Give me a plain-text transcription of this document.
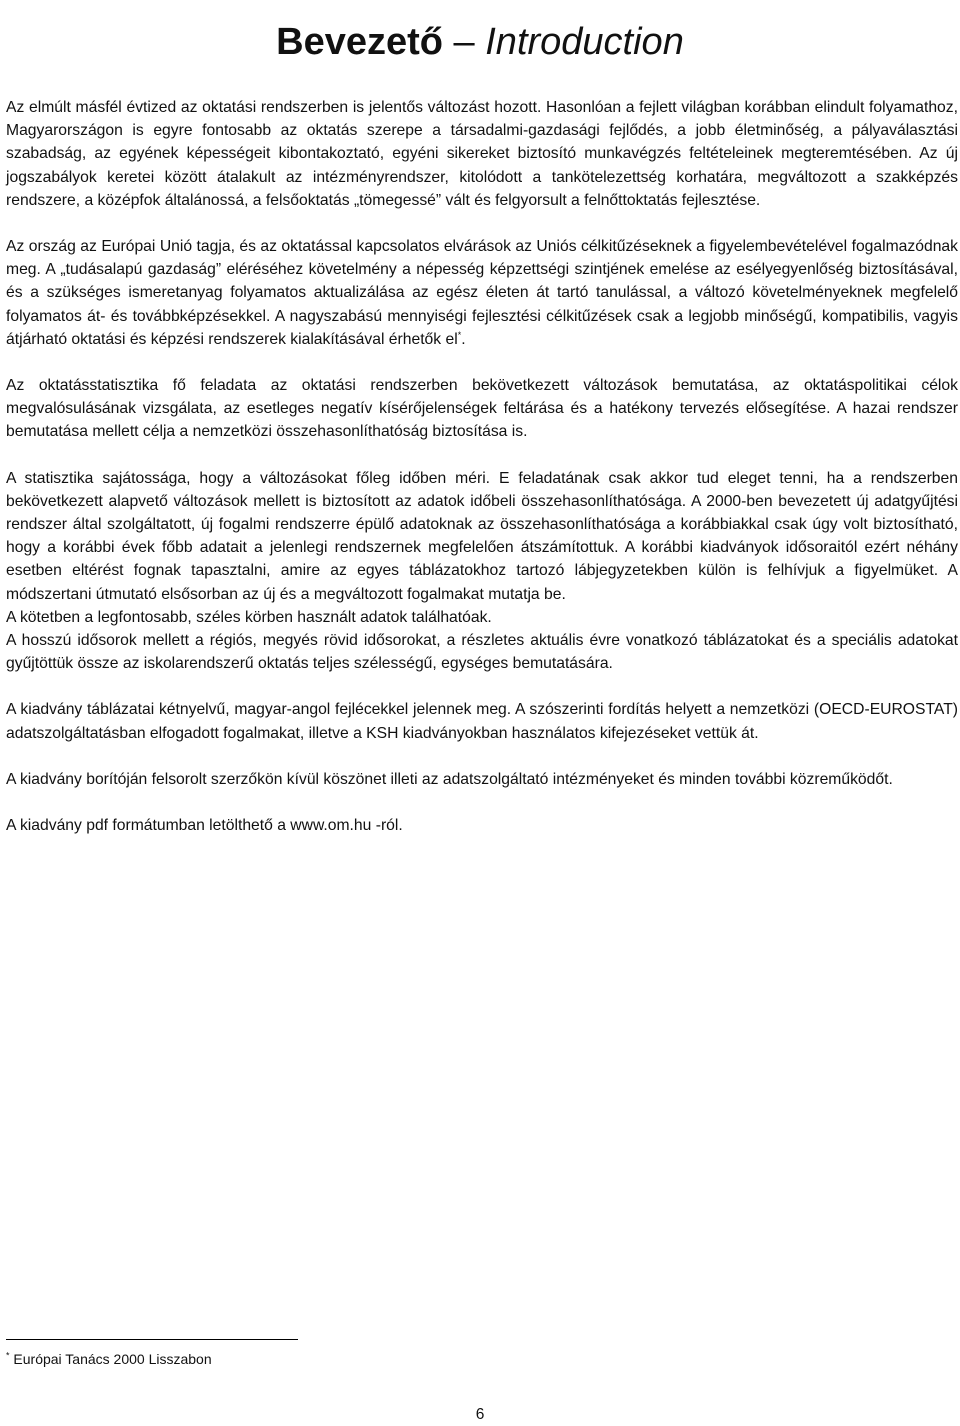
Bevezető – Introduction

Az elmúlt másfél évtized az oktatási rendszerben is jelentős változást hozott. Hasonlóan a fejlett világban korábban elindult folyamathoz, Magyarországon is egyre fontosabb az oktatás szerepe a társadalmi-gazdasági fejlődés, a jobb életminőség, a pályaválasztási szabadság, az egyének képességeit kibontakoztató, egyéni sikereket biztosító munkavégzés feltételeinek megteremtésében. Az új jogszabályok keretei között átalakult az intézményrendszer, kitolódott a tankötelezettség korhatára, megváltozott a szakképzés rendszere, a középfok általánossá, a felsőoktatás „tömegessé” vált és felgyorsult a felnőttoktatás fejlesztése.

Az ország az Európai Unió tagja, és az oktatással kapcsolatos elvárások az Uniós célkitűzéseknek a figyelembevételével fogalmazódnak meg. A „tudásalapú gazdaság” eléréséhez követelmény a népesség képzettségi szintjének emelése az esélyegyenlőség biztosításával, és a szükséges ismeretanyag folyamatos aktualizálása az egész életen át tartó tanulással, a változó követelményeknek megfelelő folyamatos át- és továbbképzésekkel. A nagyszabású mennyiségi fejlesztési célkitűzések csak a legjobb minőségű, kompatibilis, vagyis átjárható oktatási és képzési rendszerek kialakításával érhetők el*.

Az oktatásstatisztika fő feladata az oktatási rendszerben bekövetkezett változások bemutatása, az oktatáspolitikai célok megvalósulásának vizsgálata, az esetleges negatív kísérőjelenségek feltárása és a hatékony tervezés elősegítése. A hazai rendszer bemutatása mellett célja a nemzetközi összehasonlíthatóság biztosítása is.

A statisztika sajátossága, hogy a változásokat főleg időben méri. E feladatának csak akkor tud eleget tenni, ha a rendszerben bekövetkezett alapvető változások mellett is biztosított az adatok időbeli összehasonlíthatósága. A 2000-ben bevezetett új adatgyűjtési rendszer által szolgáltatott, új fogalmi rendszerre épülő adatoknak az összehasonlíthatósága a korábbiakkal csak úgy volt biztosítható, hogy a korábbi évek főbb adatait a jelenlegi rendszernek megfelelően átszámítottuk. A korábbi kiadványok idősoraitól ezért néhány esetben eltérést fognak tapasztalni, amire az egyes táblázatokhoz tartozó lábjegyzetekben külön is felhívjuk a figyelmüket. A módszertani útmutató elsősorban az új és a megváltozott fogalmakat mutatja be.

A kötetben a legfontosabb, széles körben használt adatok találhatóak.

A hosszú idősorok mellett a régiós, megyés rövid idősorokat, a részletes aktuális évre vonatkozó táblázatokat és a speciális adatokat gyűjtöttük össze az iskolarendszerű oktatás teljes szélességű, egységes bemutatására.

A kiadvány táblázatai kétnyelvű, magyar-angol fejlécekkel jelennek meg. A szószerinti fordítás helyett a nemzetközi (OECD-EUROSTAT) adatszolgáltatásban elfogadott fogalmakat, illetve a KSH kiadványokban használatos kifejezéseket vettük át.

A kiadvány borítóján felsorolt szerzőkön kívül köszönet illeti az adatszolgáltató intézményeket és minden további közreműködőt.

A kiadvány pdf formátumban letölthető a www.om.hu -ról.

* Európai Tanács 2000 Lisszabon
6
